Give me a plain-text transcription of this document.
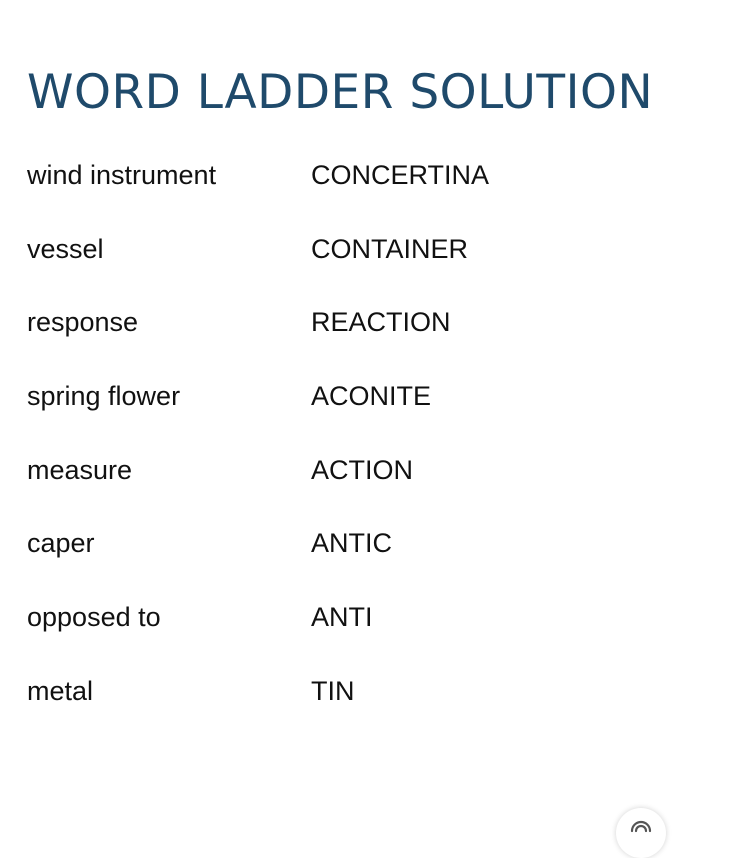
WORD LADDER SOLUTION
wind instrument	CONCERTINA
vessel	CONTAINER
response	REACTION
spring flower	ACONITE
measure	ACTION
caper	ANTIC
opposed to	ANTI
metal	TIN
